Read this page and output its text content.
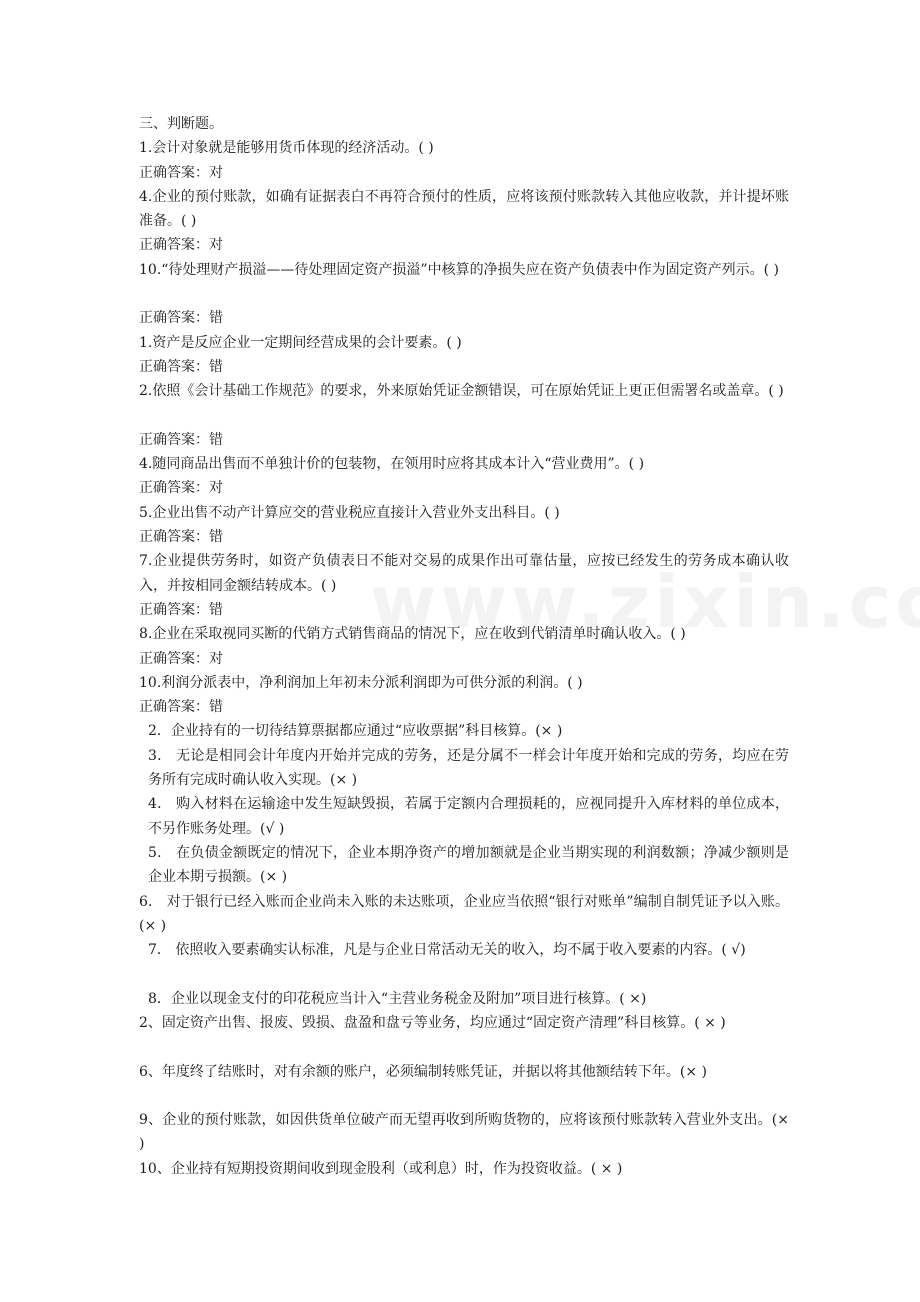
三、判断题。

1.会计对象就是能够用货币体现的经济活动。( )

正确答案：对

4.企业的预付账款，如确有证据表白不再符合预付的性质，应将该预付账款转入其他应收款，并计提坏账准备。( )

正确答案：对

10.“待处理财产损溢——待处理固定资产损溢”中核算的净损失应在资产负债表中作为固定资产列示。( )

正确答案：错

1.资产是反应企业一定期间经营成果的会计要素。( )

正确答案：错

2.依照《会计基础工作规范》的要求，外来原始凭证金额错误，可在原始凭证上更正但需署名或盖章。( )

正确答案：错

4.随同商品出售而不单独计价的包装物，在领用时应将其成本计入“营业费用”。( )

正确答案：对

5.企业出售不动产计算应交的营业税应直接计入营业外支出科目。( )

正确答案：错

7.企业提供劳务时，如资产负债表日不能对交易的成果作出可靠估量，应按已经发生的劳务成本确认收入，并按相同金额结转成本。( )

正确答案：错

8.企业在采取视同买断的代销方式销售商品的情况下，应在收到代销清单时确认收入。( )

正确答案：对

10.利润分派表中，净利润加上年初未分派利润即为可供分派的利润。( )

正确答案：错

2．企业持有的一切待结算票据都应通过“应收票据”科目核算。(× )

3． 无论是相同会计年度内开始并完成的劳务，还是分属不一样会计年度开始和完成的劳务，均应在劳务所有完成时确认收入实现。(× )

4． 购入材料在运输途中发生短缺毁损，若属于定额内合理损耗的，应视同提升入库材料的单位成本，不另作账务处理。(√ )

5． 在负债金额既定的情况下，企业本期净资产的增加额就是企业当期实现的利润数额；净减少额则是企业本期亏损额。(× )

6． 对于银行已经入账而企业尚未入账的未达账项，企业应当依照“银行对账单”编制自制凭证予以入账。(× )

7． 依照收入要素确实认标准，凡是与企业日常活动无关的收入，均不属于收入要素的内容。( √)

8．企业以现金支付的印花税应当计入“主营业务税金及附加”项目进行核算。( ×)

2、固定资产出售、报废、毁损、盘盈和盘亏等业务，均应通过“固定资产清理”科目核算。( × )

6、年度终了结账时，对有余额的账户，必须编制转账凭证，并据以将其他额结转下年。(× )

9、企业的预付账款，如因供货单位破产而无望再收到所购货物的，应将该预付账款转入营业外支出。(× )

10、企业持有短期投资期间收到现金股利（或利息）时，作为投资收益。( × )
